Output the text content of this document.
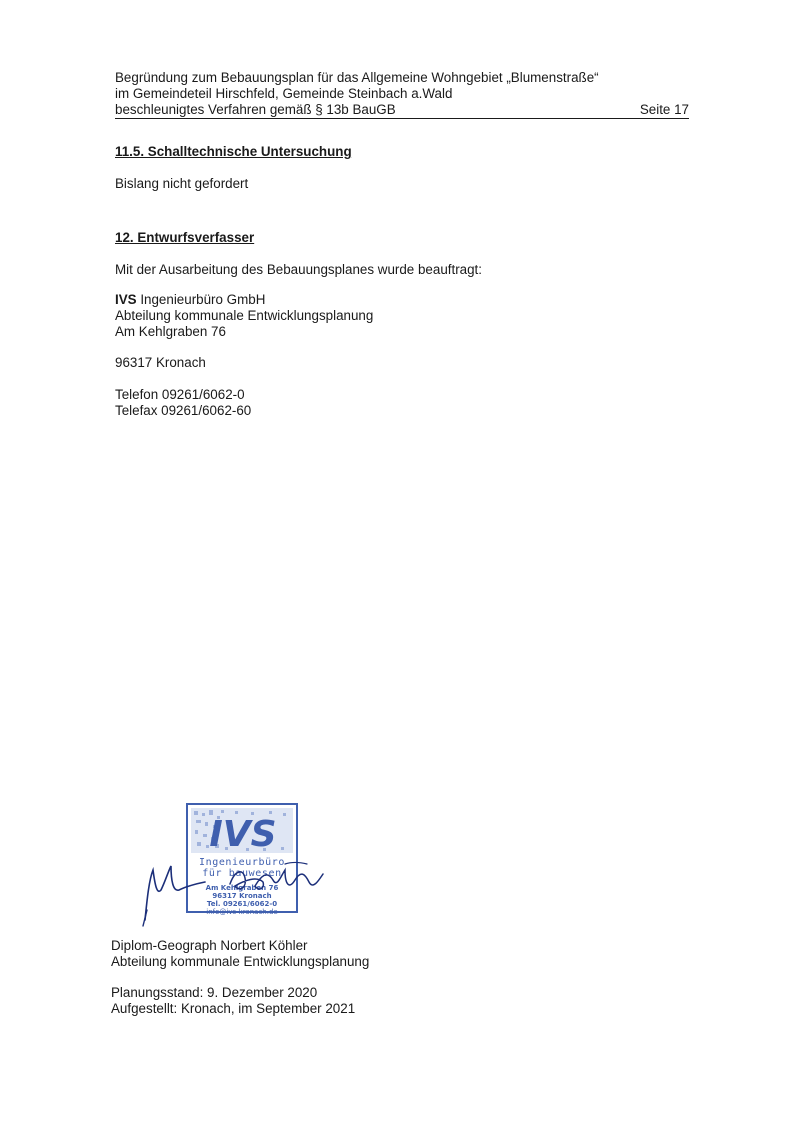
Begründung zum Bebauungsplan für das Allgemeine Wohngebiet „Blumenstraße“
im Gemeindeteil Hirschfeld, Gemeinde Steinbach a.Wald
beschleunigtes Verfahren gemäß § 13b BauGB	Seite 17
11.5. Schalltechnische Untersuchung
Bislang nicht gefordert
12. Entwurfsverfasser
Mit der Ausarbeitung des Bebauungsplanes wurde beauftragt:
IVS Ingenieurbüro GmbH
Abteilung kommunale Entwicklungsplanung
Am Kehlgraben 76
96317 Kronach
Telefon 09261/6062-0
Telefax 09261/6062-60
IVS
Ingenieurbüro
für bauwesen
Am Kehlgraben 76
96317 Kronach
Tel. 09261/6062-0
info@ivs-kronach.de
Diplom-Geograph Norbert Köhler
Abteilung kommunale Entwicklungsplanung
Planungsstand: 9. Dezember 2020
Aufgestellt: Kronach, im September 2021
